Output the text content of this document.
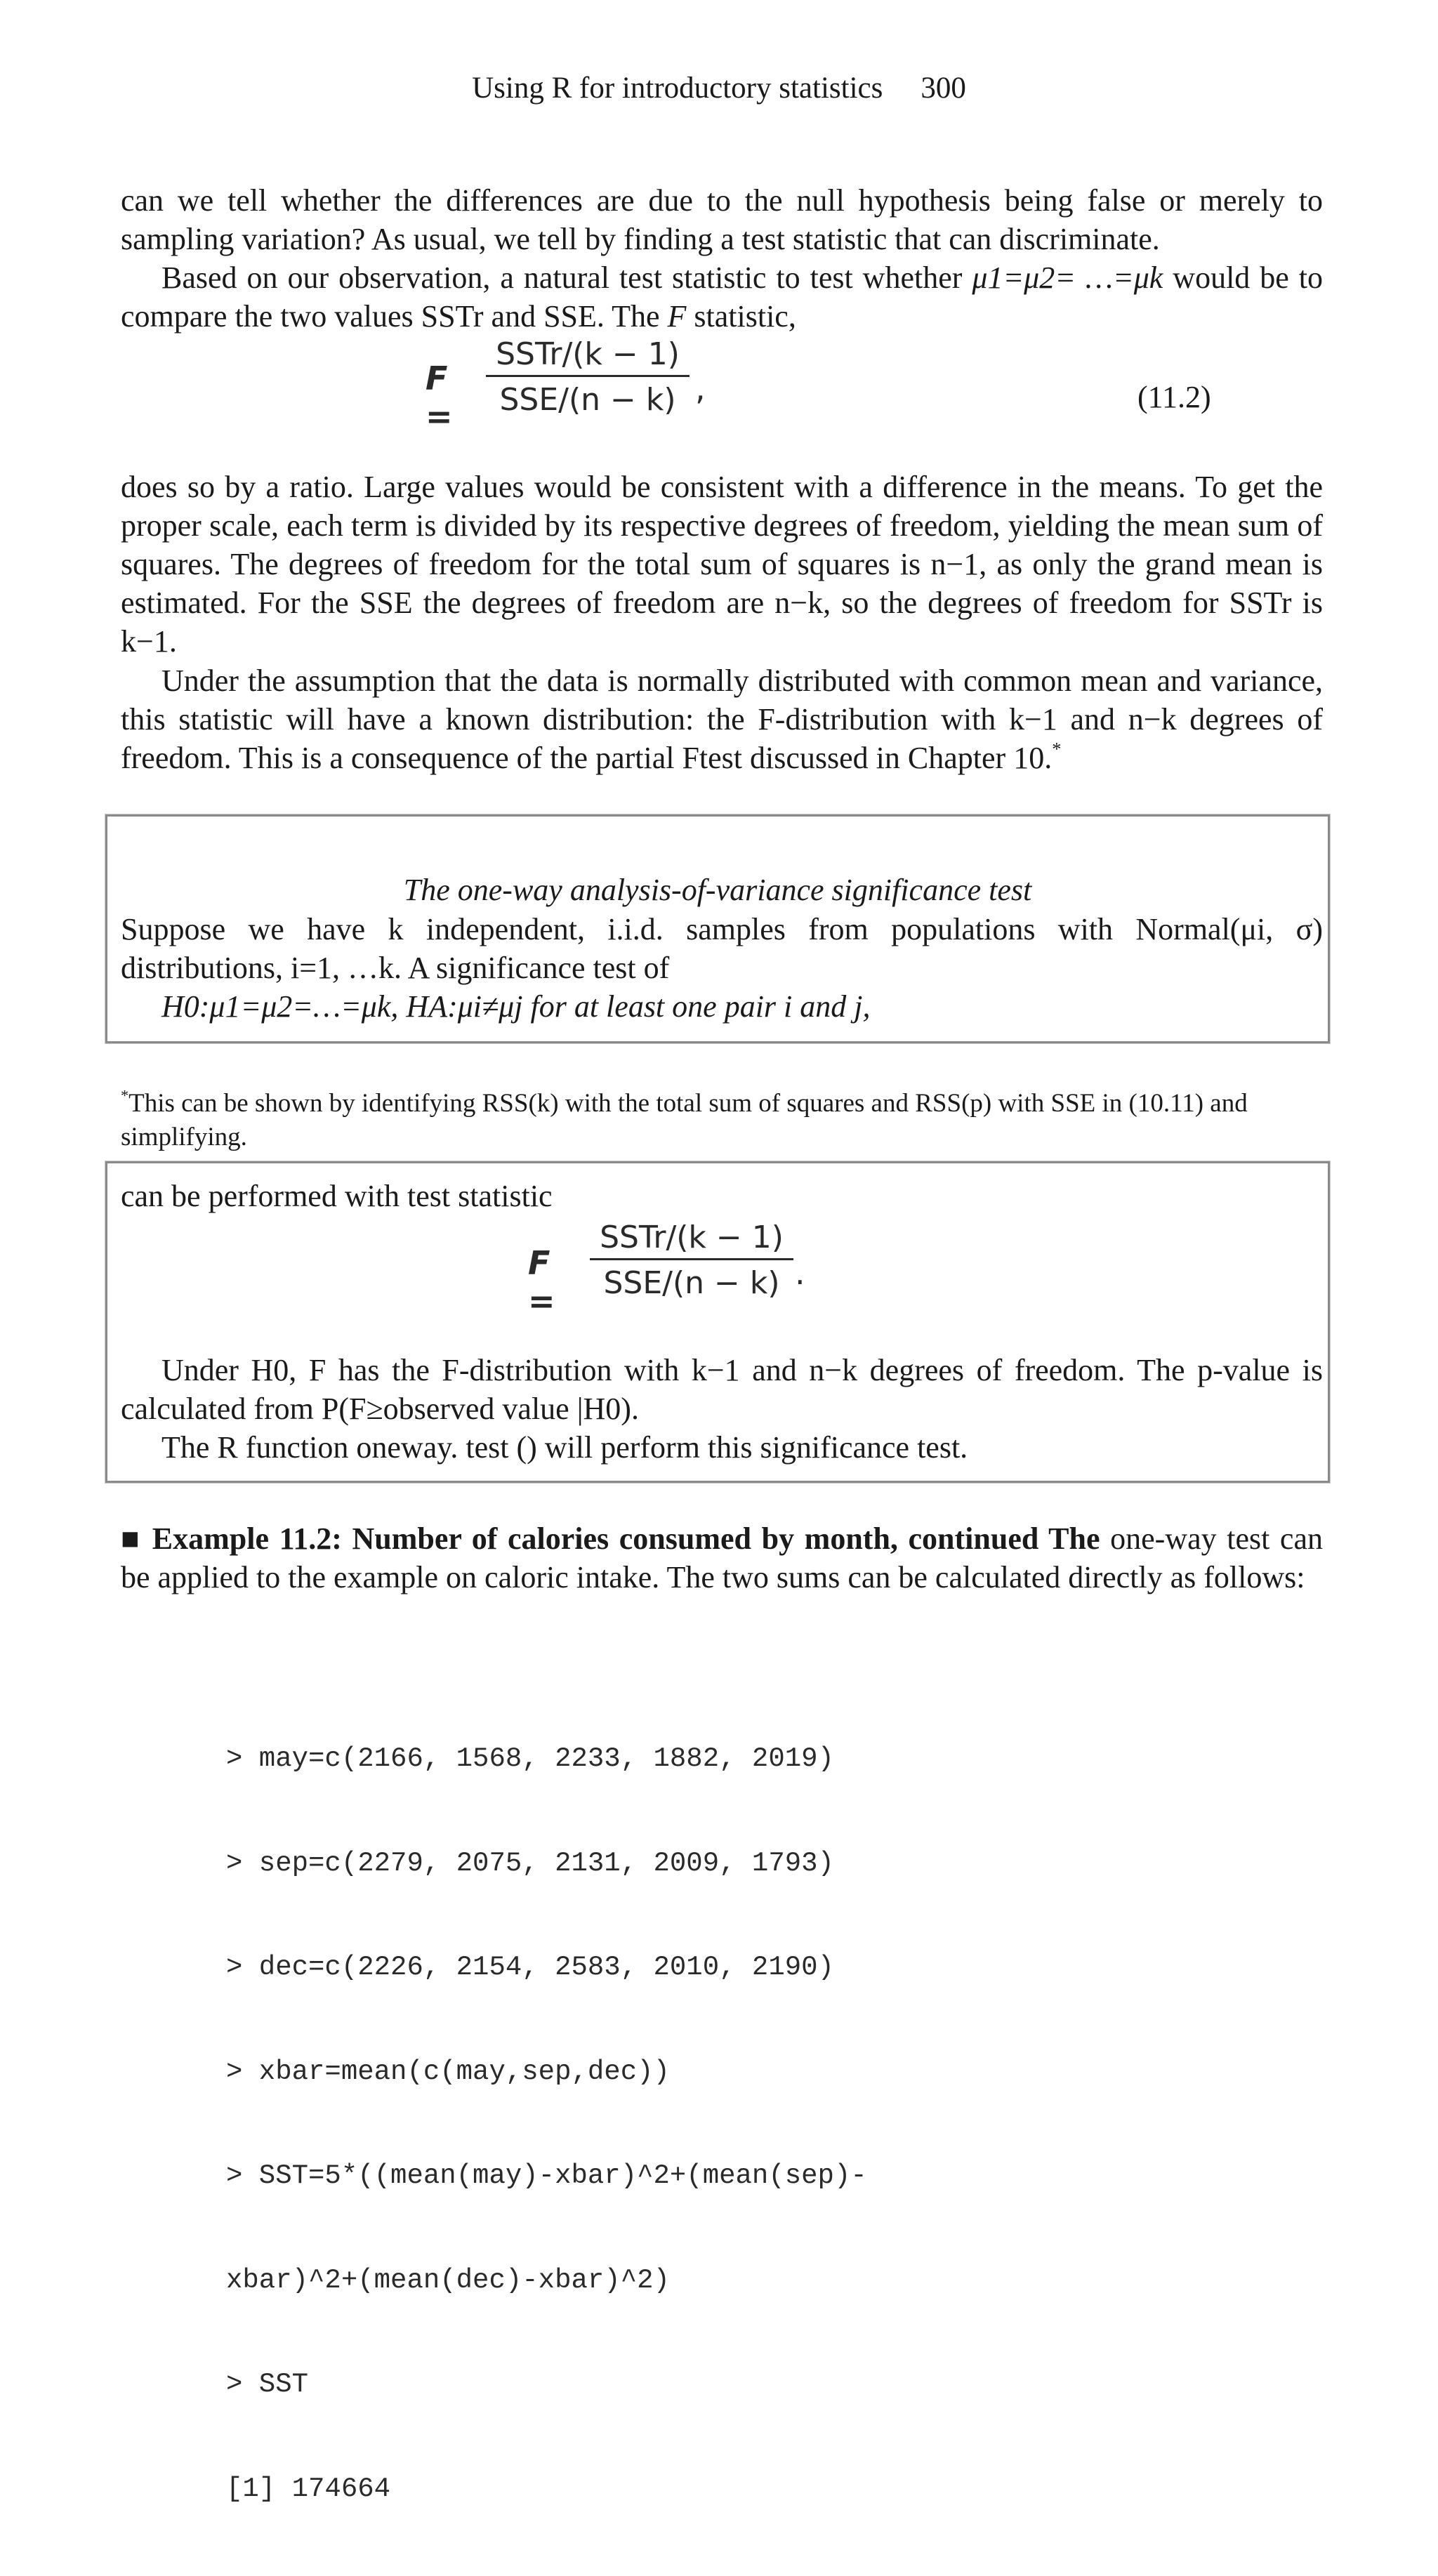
Using R for introductory statistics 300

can we tell whether the differences are due to the null hypothesis being false or merely to sampling variation? As usual, we tell by finding a test statistic that can discriminate.

Based on our observation, a natural test statistic to test whether μ1=μ2= …=μk would be to compare the two values SSTr and SSE. The F statistic,

F =
SSTr/(k − 1)
SSE/(n − k) ,	(11.2)

does so by a ratio. Large values would be consistent with a difference in the means. To get the proper scale, each term is divided by its respective degrees of freedom, yielding the mean sum of squares. The degrees of freedom for the total sum of squares is n−1, as only the grand mean is estimated. For the SSE the degrees of freedom are n−k, so the degrees of freedom for SSTr is k−1.

Under the assumption that the data is normally distributed with common mean and variance, this statistic will have a known distribution: the F-distribution with k−1 and n−k degrees of freedom. This is a consequence of the partial Ftest discussed in Chapter 10.*

The one-way analysis-of-variance significance test

Suppose we have k independent, i.i.d. samples from populations with Normal(μi, σ) distributions, i=1, …k. A significance test of

H0:μ1=μ2=…=μk, HA:μi≠μj for at least one pair i and j,

*This can be shown by identifying RSS(k) with the total sum of squares and RSS(p) with SSE in (10.11) and simplifying.

can be performed with test statistic

F =
SSTr/(k − 1)
SSE/(n − k) .

Under H0, F has the F-distribution with k−1 and n−k degrees of freedom. The p-value is calculated from P(F≥observed value |H0).

The R function oneway. test () will perform this significance test.

■ Example 11.2: Number of calories consumed by month, continued The one-way test can be applied to the example on caloric intake. The two sums can be calculated directly as follows:

> may=c(2166, 1568, 2233, 1882, 2019)

> sep=c(2279, 2075, 2131, 2009, 1793)

> dec=c(2226, 2154, 2583, 2010, 2190)

> xbar=mean(c(may,sep,dec))

> SST=5*((mean(may)-xbar)^2+(mean(sep)-

xbar)^2+(mean(dec)-xbar)^2)

> SST

[1] 174664
